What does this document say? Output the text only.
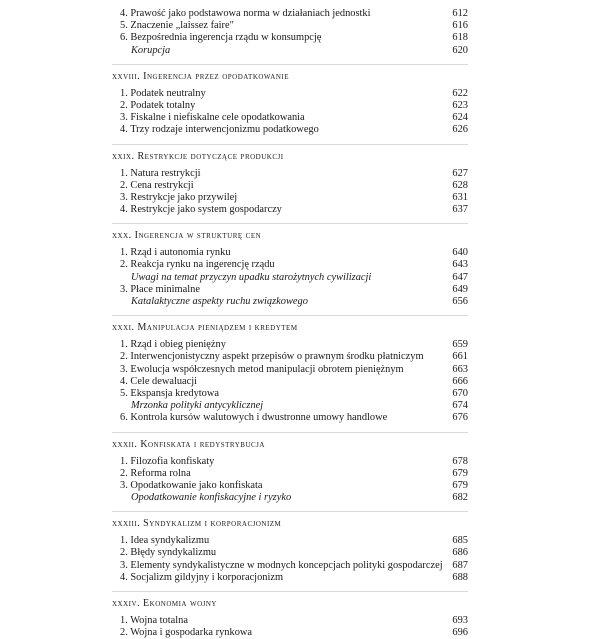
4. Prawość jako podstawowa norma w działaniach jednostki	612
5. Znaczenie „laissez faire"	616
6. Bezpośrednia ingerencja rządu w konsumpcję	618
Korupcja	620
xxviii. Ingerencja przez opodatkowanie
1. Podatek neutralny	622
2. Podatek totalny	623
3. Fiskalne i niefiskalne cele opodatkowania	624
4. Trzy rodzaje interwencjonizmu podatkowego	626
xxix. Restrykcje dotyczące produkcji
1. Natura restrykcji	627
2. Cena restrykcji	628
3. Restrykcje jako przywilej	631
4. Restrykcje jako system gospodarczy	637
xxx. Ingerencja w strukturę cen
1. Rząd i autonomia rynku	640
2. Reakcja rynku na ingerencję rządu	643
Uwagi na temat przyczyn upadku starożytnych cywilizacji	647
3. Płace minimalne	649
Katalaktyczne aspekty ruchu związkowego	656
xxxi. Manipulacja pieniądzem i kredytem
1. Rząd i obieg pieniężny	659
2. Interwencjonistyczny aspekt przepisów o prawnym środku płatniczym	661
3. Ewolucja współczesnych metod manipulacji obrotem pieniężnym	663
4. Cele dewaluacji	666
5. Ekspansja kredytowa	670
Mrzonka polityki antycyklicznej	674
6. Kontrola kursów walutowych i dwustronne umowy handlowe	676
xxxii. Konfiskata i redystrybucja
1. Filozofia konfiskaty	678
2. Reforma rolna	679
3. Opodatkowanie jako konfiskata	679
Opodatkowanie konfiskacyjne i ryzyko	682
xxxiii. Syndykalizm i korporacjonizm
1. Idea syndykalizmu	685
2. Błędy syndykalizmu	686
3. Elementy syndykalistyczne w modnych koncepcjach polityki gospodarczej 687
4. Socjalizm gildyjny i korporacjonizm	688
xxxiv. Ekonomia wojny
1. Wojna totalna	693
2. Wojna i gospodarka rynkowa	696
